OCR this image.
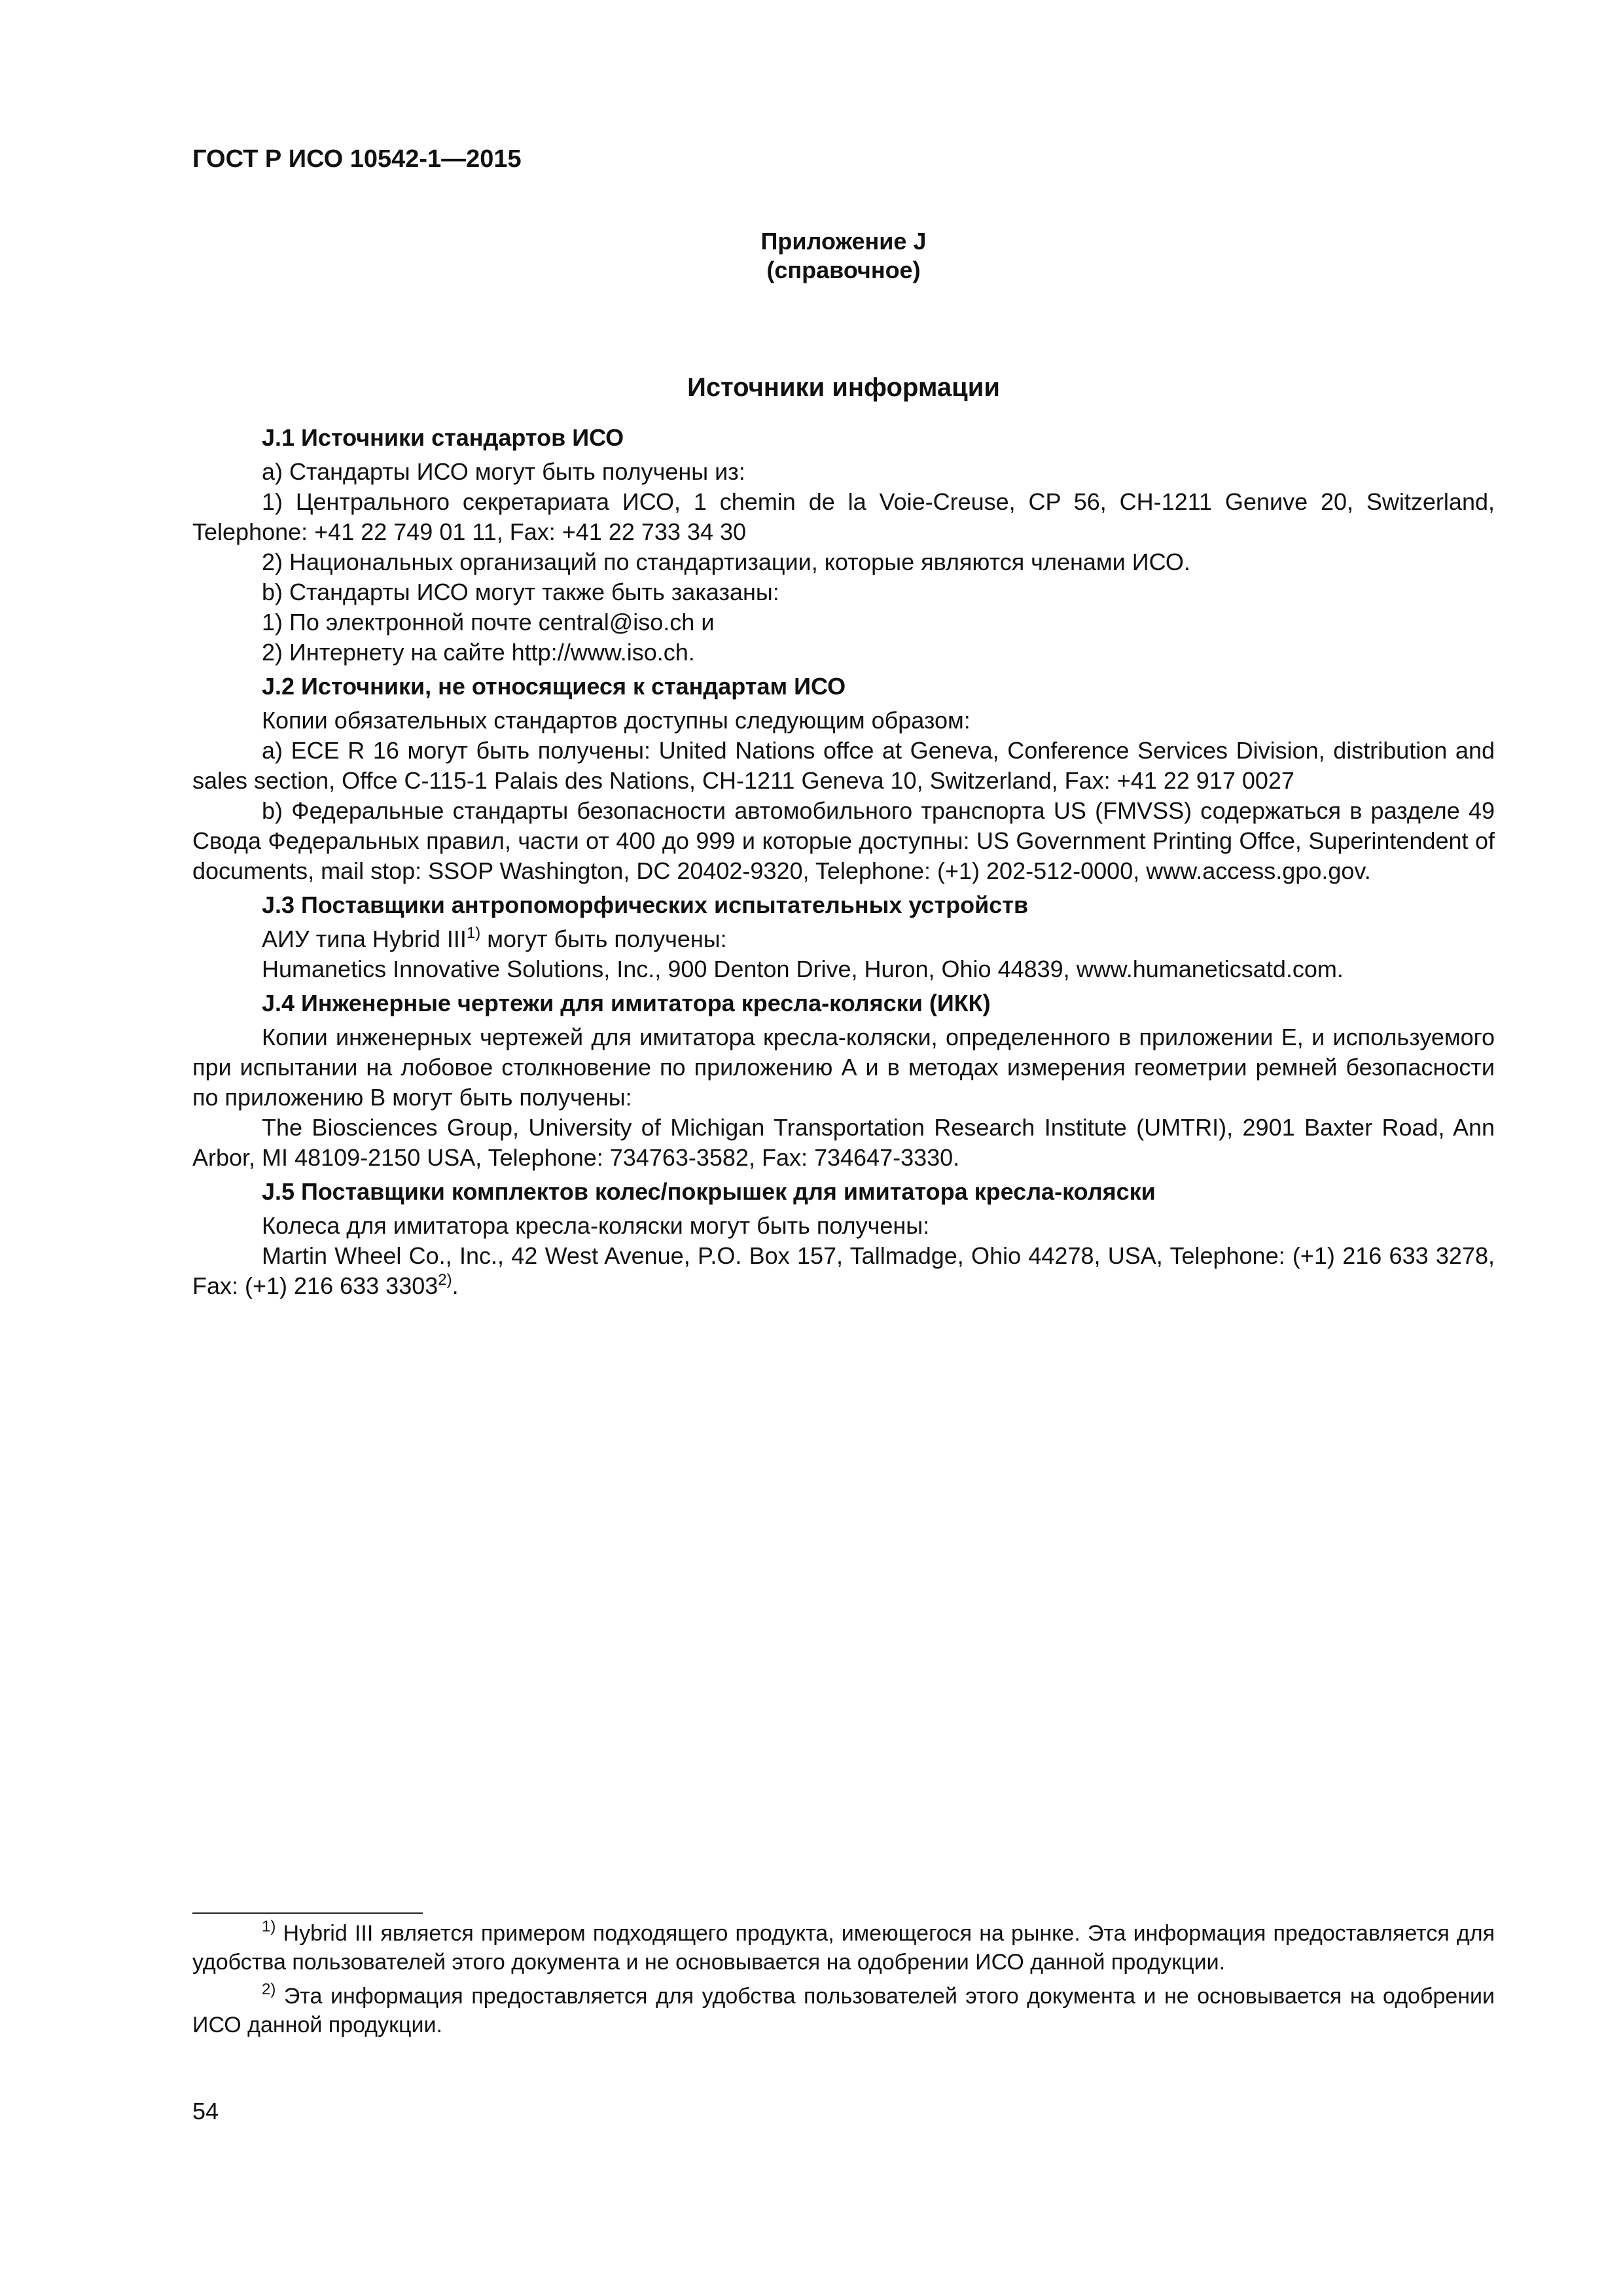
ГОСТ Р ИСО 10542-1—2015
Приложение J
(справочное)
Источники информации
J.1 Источники стандартов ИСО

a) Стандарты ИСО могут быть получены из:

1) Центрального секретариата ИСО, 1 chemin de la Voie-Creuse, CP 56, CH-1211 Genиve 20, Switzerland, Telephone: +41 22 749 01 11, Fax: +41 22 733 34 30

2) Национальных организаций по стандартизации, которые являются членами ИСО.

b) Стандарты ИСО могут также быть заказаны:

1) По электронной почте central@iso.ch и

2) Интернету на сайте http://www.iso.ch.

J.2 Источники, не относящиеся к стандартам ИСО

Копии обязательных стандартов доступны следующим образом:

a) ECE R 16 могут быть получены: United Nations offce at Geneva, Conference Services Division, distribution and sales section, Offce C-115-1 Palais des Nations, CH-1211 Geneva 10, Switzerland, Fax: +41 22 917 0027

b) Федеральные стандарты безопасности автомобильного транспорта US (FMVSS) содержаться в разделе 49 Свода Федеральных правил, части от 400 до 999 и которые доступны: US Government Printing Offce, Superintendent of documents, mail stop: SSOP Washington, DC 20402-9320, Telephone: (+1) 202-512-0000, www.access.gpo.gov.

J.3 Поставщики антропоморфических испытательных устройств

АИУ типа Hybrid III$^{1)}$ могут быть получены:

Humanetics Innovative Solutions, Inc., 900 Denton Drive, Huron, Ohio 44839, www.humaneticsatd.com.

J.4 Инженерные чертежи для имитатора кресла-коляски (ИКК)

Копии инженерных чертежей для имитатора кресла-коляски, определенного в приложении Е, и используемого при испытании на лобовое столкновение по приложению А и в методах измерения геометрии ремней безопасности по приложению В могут быть получены:

The Biosciences Group, University of Michigan Transportation Research Institute (UMTRI), 2901 Baxter Road, Ann Arbor, MI 48109-2150 USA, Telephone: 734763-3582, Fax: 734647-3330.

J.5 Поставщики комплектов колес/покрышек для имитатора кресла-коляски

Колеса для имитатора кресла-коляски могут быть получены:

Martin Wheel Co., Inc., 42 West Avenue, P.O. Box 157, Tallmadge, Ohio 44278, USA, Telephone: (+1) 216 633 3278, Fax: (+1) 216 633 3303$^{2)}$.

$^{1)}$ Hybrid III является примером подходящего продукта, имеющегося на рынке. Эта информация предоставляется для удобства пользователей этого документа и не основывается на одобрении ИСО данной продукции.

$^{2)}$ Эта информация предоставляется для удобства пользователей этого документа и не основывается на одобрении ИСО данной продукции.

54
